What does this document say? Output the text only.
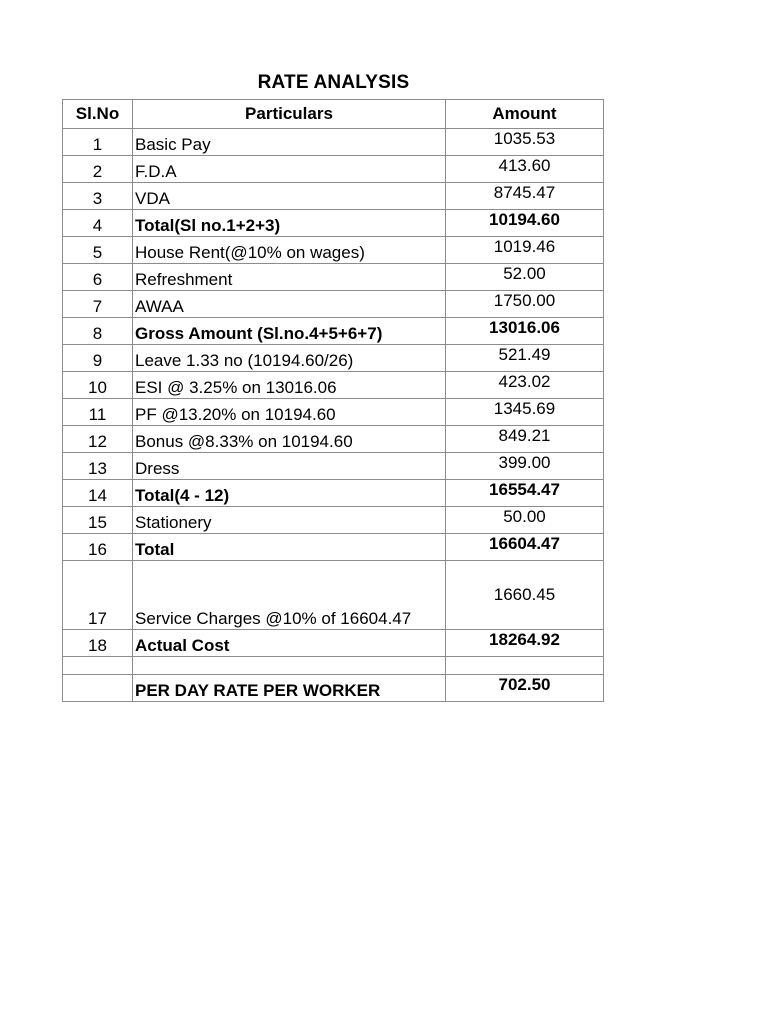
RATE ANALYSIS
Sl.No	Particulars	Amount
1	Basic Pay	1035.53
2	F.D.A	413.60
3	VDA	8745.47
4	Total(Sl no.1+2+3)	10194.60
5	House Rent(@10% on wages)	1019.46
6	Refreshment	52.00
7	AWAA	1750.00
8	Gross Amount (Sl.no.4+5+6+7)	13016.06
9	Leave 1.33 no (10194.60/26)	521.49
10	ESI @ 3.25% on 13016.06	423.02
11	PF @13.20% on 10194.60	1345.69
12	Bonus @8.33% on 10194.60	849.21
13	Dress	399.00
14	Total(4 - 12)	16554.47
15	Stationery	50.00
16	Total	16604.47
17	Service Charges @10% of 16604.47	1660.45
18	Actual Cost	18264.92

	PER DAY RATE PER WORKER	702.50
